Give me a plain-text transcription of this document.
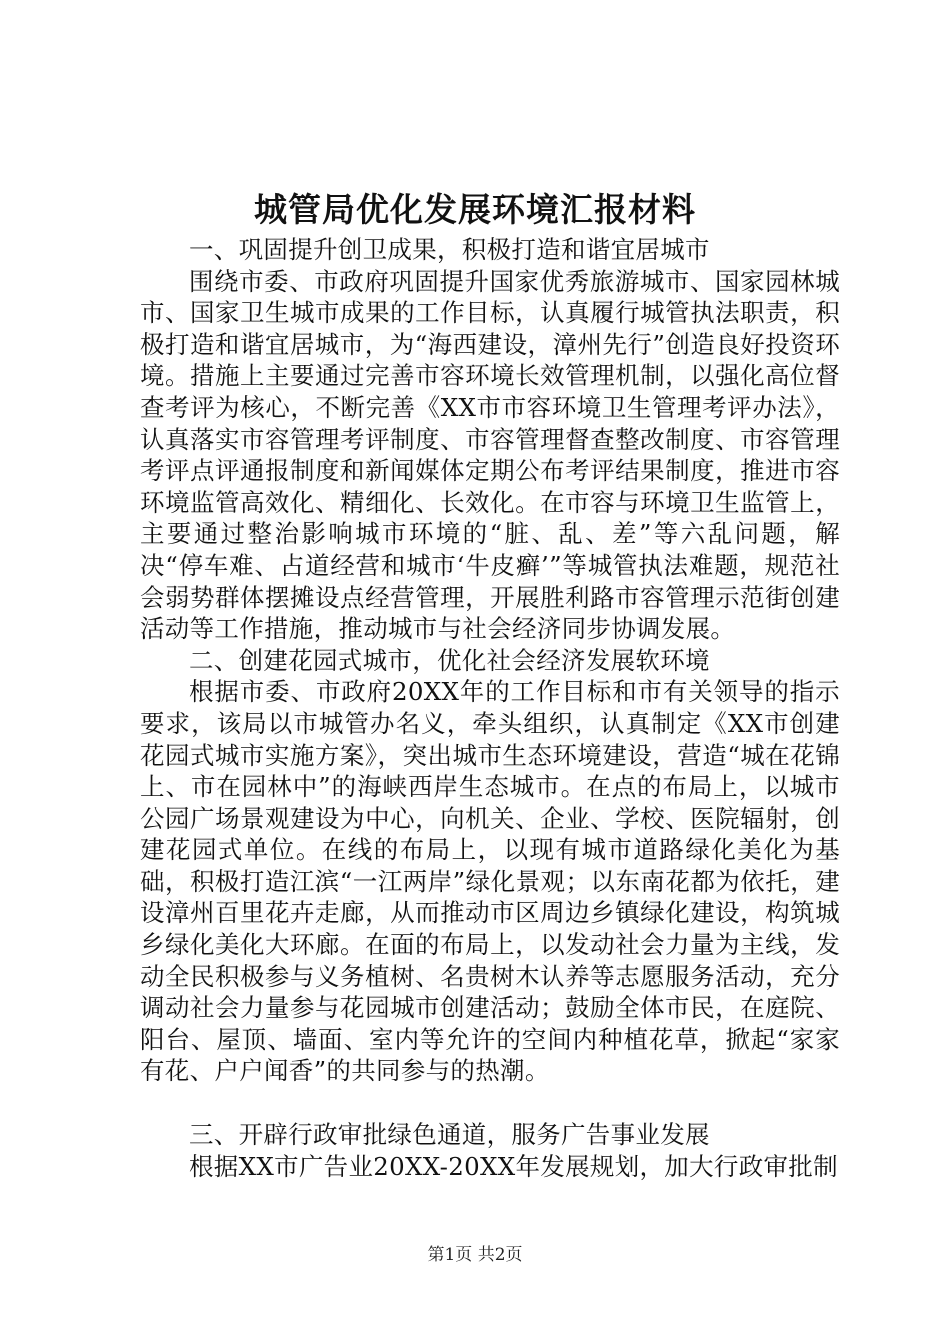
城管局优化发展环境汇报材料

一、巩固提升创卫成果，积极打造和谐宜居城市

围绕市委、市政府巩固提升国家优秀旅游城市、国家园林城市、国家卫生城市成果的工作目标，认真履行城管执法职责，积极打造和谐宜居城市，为“海西建设，漳州先行”创造良好投资环境。措施上主要通过完善市容环境长效管理机制，以强化高位督查考评为核心，不断完善《XX市市容环境卫生管理考评办法》，认真落实市容管理考评制度、市容管理督查整改制度、市容管理考评点评通报制度和新闻媒体定期公布考评结果制度，推进市容环境监管高效化、精细化、长效化。在市容与环境卫生监管上，主要通过整治影响城市环境的“脏、乱、差”等六乱问题，解决“停车难、占道经营和城市‘牛皮癣’”等城管执法难题，规范社会弱势群体摆摊设点经营管理，开展胜利路市容管理示范街创建活动等工作措施，推动城市与社会经济同步协调发展。

二、创建花园式城市，优化社会经济发展软环境

根据市委、市政府20XX年的工作目标和市有关领导的指示要求，该局以市城管办名义，牵头组织，认真制定《XX市创建花园式城市实施方案》，突出城市生态环境建设，营造“城在花锦上、市在园林中”的海峡西岸生态城市。在点的布局上，以城市公园广场景观建设为中心，向机关、企业、学校、医院辐射，创建花园式单位。在线的布局上，以现有城市道路绿化美化为基础，积极打造江滨“一江两岸”绿化景观；以东南花都为依托，建设漳州百里花卉走廊，从而推动市区周边乡镇绿化建设，构筑城乡绿化美化大环廊。在面的布局上，以发动社会力量为主线，发动全民积极参与义务植树、名贵树木认养等志愿服务活动，充分调动社会力量参与花园城市创建活动；鼓励全体市民，在庭院、阳台、屋顶、墙面、室内等允许的空间内种植花草，掀起“家家有花、户户闻香”的共同参与的热潮。

三、开辟行政审批绿色通道，服务广告事业发展

根据XX市广告业20XX-20XX年发展规划，加大行政审批制

第1页 共2页
